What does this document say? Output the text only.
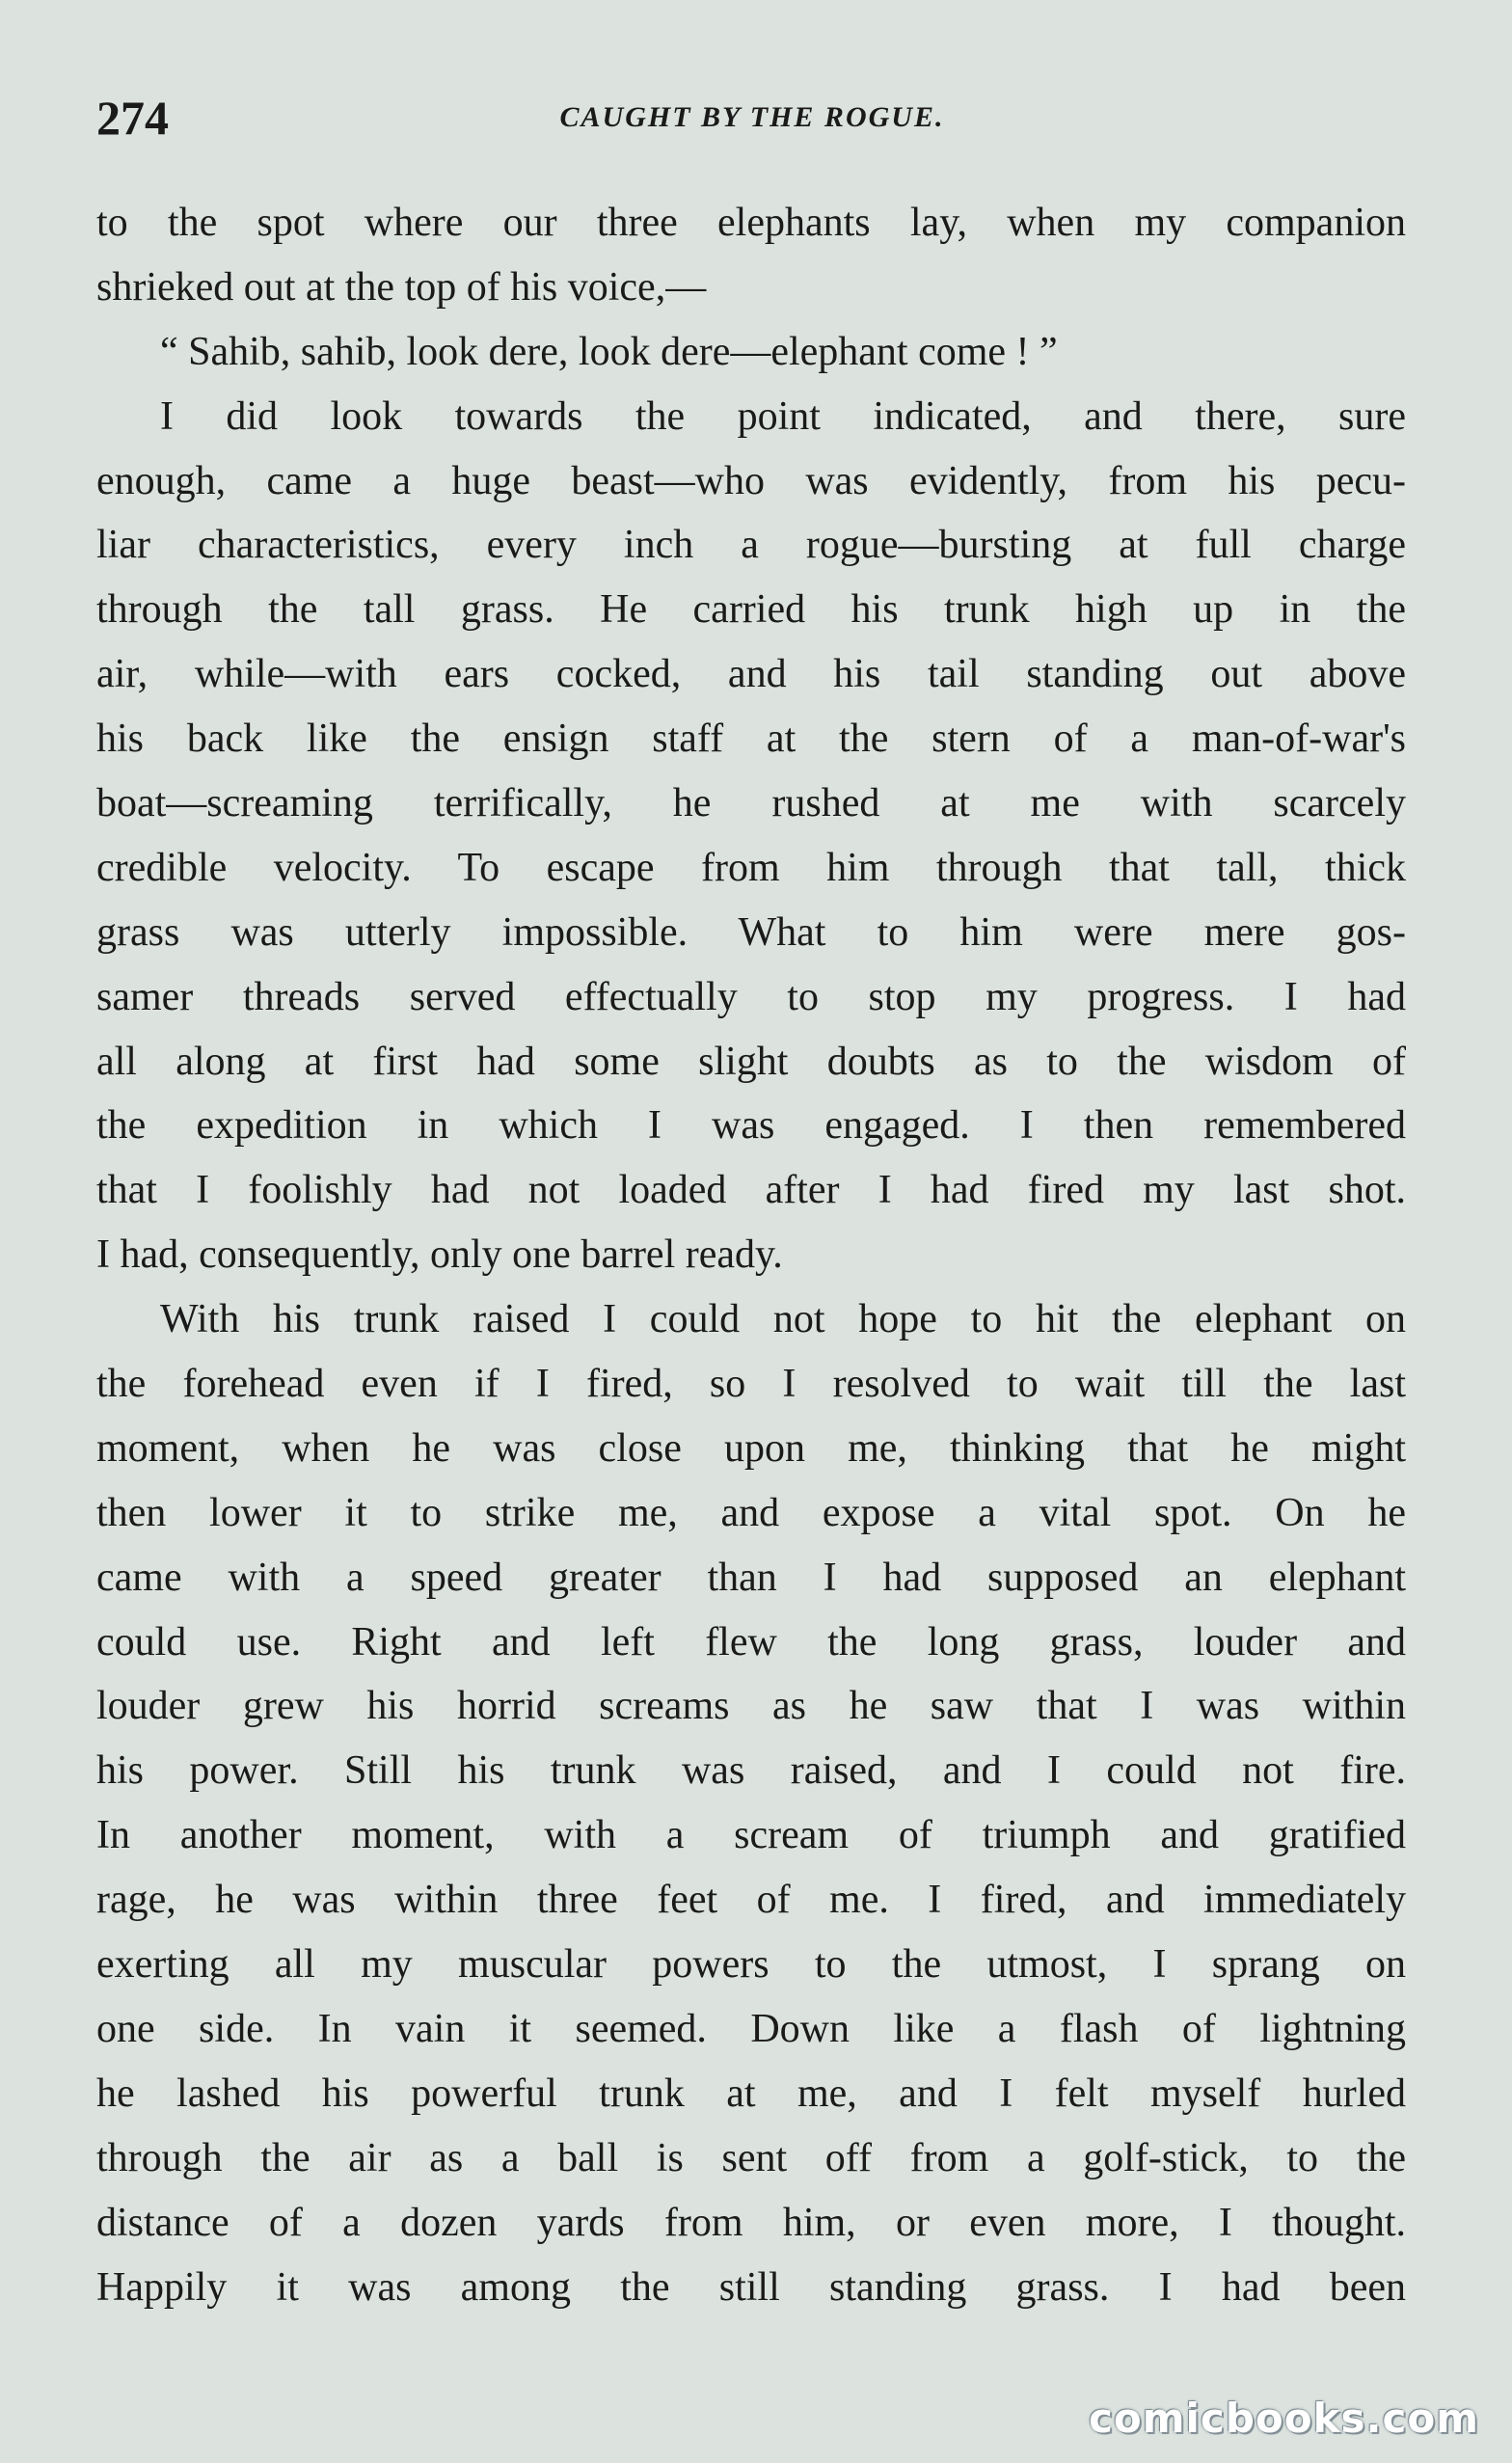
274	CAUGHT BY THE ROGUE.
to the spot where our three elephants lay, when my companion
shrieked out at the top of his voice,—
“ Sahib, sahib, look dere, look dere—elephant come ! ”
I did look towards the point indicated, and there, sure
enough, came a huge beast—who was evidently, from his pecu-
liar characteristics, every inch a rogue—bursting at full charge
through the tall grass. He carried his trunk high up in the
air, while—with ears cocked, and his tail standing out above
his back like the ensign staff at the stern of a man-of-war's
boat—screaming terrifically, he rushed at me with scarcely
credible velocity. To escape from him through that tall, thick
grass was utterly impossible. What to him were mere gos-
samer threads served effectually to stop my progress. I had
all along at first had some slight doubts as to the wisdom of
the expedition in which I was engaged. I then remembered
that I foolishly had not loaded after I had fired my last shot.
I had, consequently, only one barrel ready.
With his trunk raised I could not hope to hit the elephant on
the forehead even if I fired, so I resolved to wait till the last
moment, when he was close upon me, thinking that he might
then lower it to strike me, and expose a vital spot. On he
came with a speed greater than I had supposed an elephant
could use. Right and left flew the long grass, louder and
louder grew his horrid screams as he saw that I was within
his power. Still his trunk was raised, and I could not fire.
In another moment, with a scream of triumph and gratified
rage, he was within three feet of me. I fired, and immediately
exerting all my muscular powers to the utmost, I sprang on
one side. In vain it seemed. Down like a flash of lightning
he lashed his powerful trunk at me, and I felt myself hurled
through the air as a ball is sent off from a golf-stick, to the
distance of a dozen yards from him, or even more, I thought.
Happily it was among the still standing grass. I had been
comicbooks.com
